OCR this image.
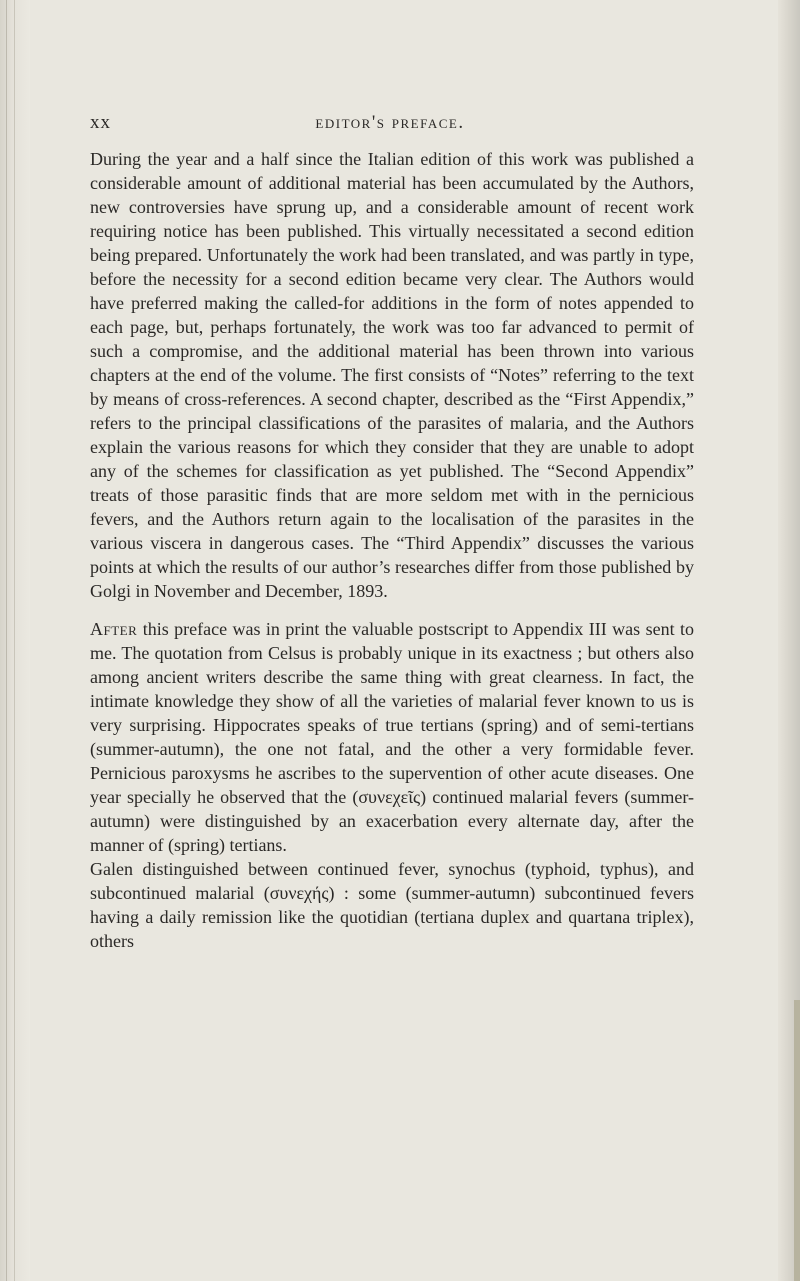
xx	editor's preface.

During the year and a half since the Italian edition of this work was published a considerable amount of additional material has been accumulated by the Authors, new controversies have sprung up, and a considerable amount of recent work requiring notice has been published. This virtually necessitated a second edition being prepared. Unfortunately the work had been translated, and was partly in type, before the necessity for a second edition became very clear. The Authors would have preferred making the called-for additions in the form of notes appended to each page, but, perhaps fortunately, the work was too far advanced to permit of such a compromise, and the additional material has been thrown into various chapters at the end of the volume. The first consists of “Notes” referring to the text by means of cross-references. A second chapter, described as the “First Appendix,” refers to the principal classifications of the parasites of malaria, and the Authors explain the various reasons for which they consider that they are unable to adopt any of the schemes for classification as yet published. The “Second Appendix” treats of those parasitic finds that are more seldom met with in the pernicious fevers, and the Authors return again to the localisation of the parasites in the various viscera in dangerous cases. The “Third Appendix” discusses the various points at which the results of our author’s researches differ from those published by Golgi in November and December, 1893.

After this preface was in print the valuable postscript to Appendix III was sent to me. The quotation from Celsus is probably unique in its exactness ; but others also among ancient writers describe the same thing with great clearness. In fact, the intimate knowledge they show of all the varieties of malarial fever known to us is very surprising. Hippocrates speaks of true tertians (spring) and of semi-tertians (summer-autumn), the one not fatal, and the other a very formidable fever. Pernicious paroxysms he ascribes to the supervention of other acute diseases. One year specially he observed that the (συνεχεῖς) continued malarial fevers (summer-autumn) were distinguished by an exacerbation every alternate day, after the manner of (spring) tertians.

Galen distinguished between continued fever, synochus (typhoid, typhus), and subcontinued malarial (συνεχής) : some (summer-autumn) subcontinued fevers having a daily remission like the quotidian (tertiana duplex and quartana triplex), others
